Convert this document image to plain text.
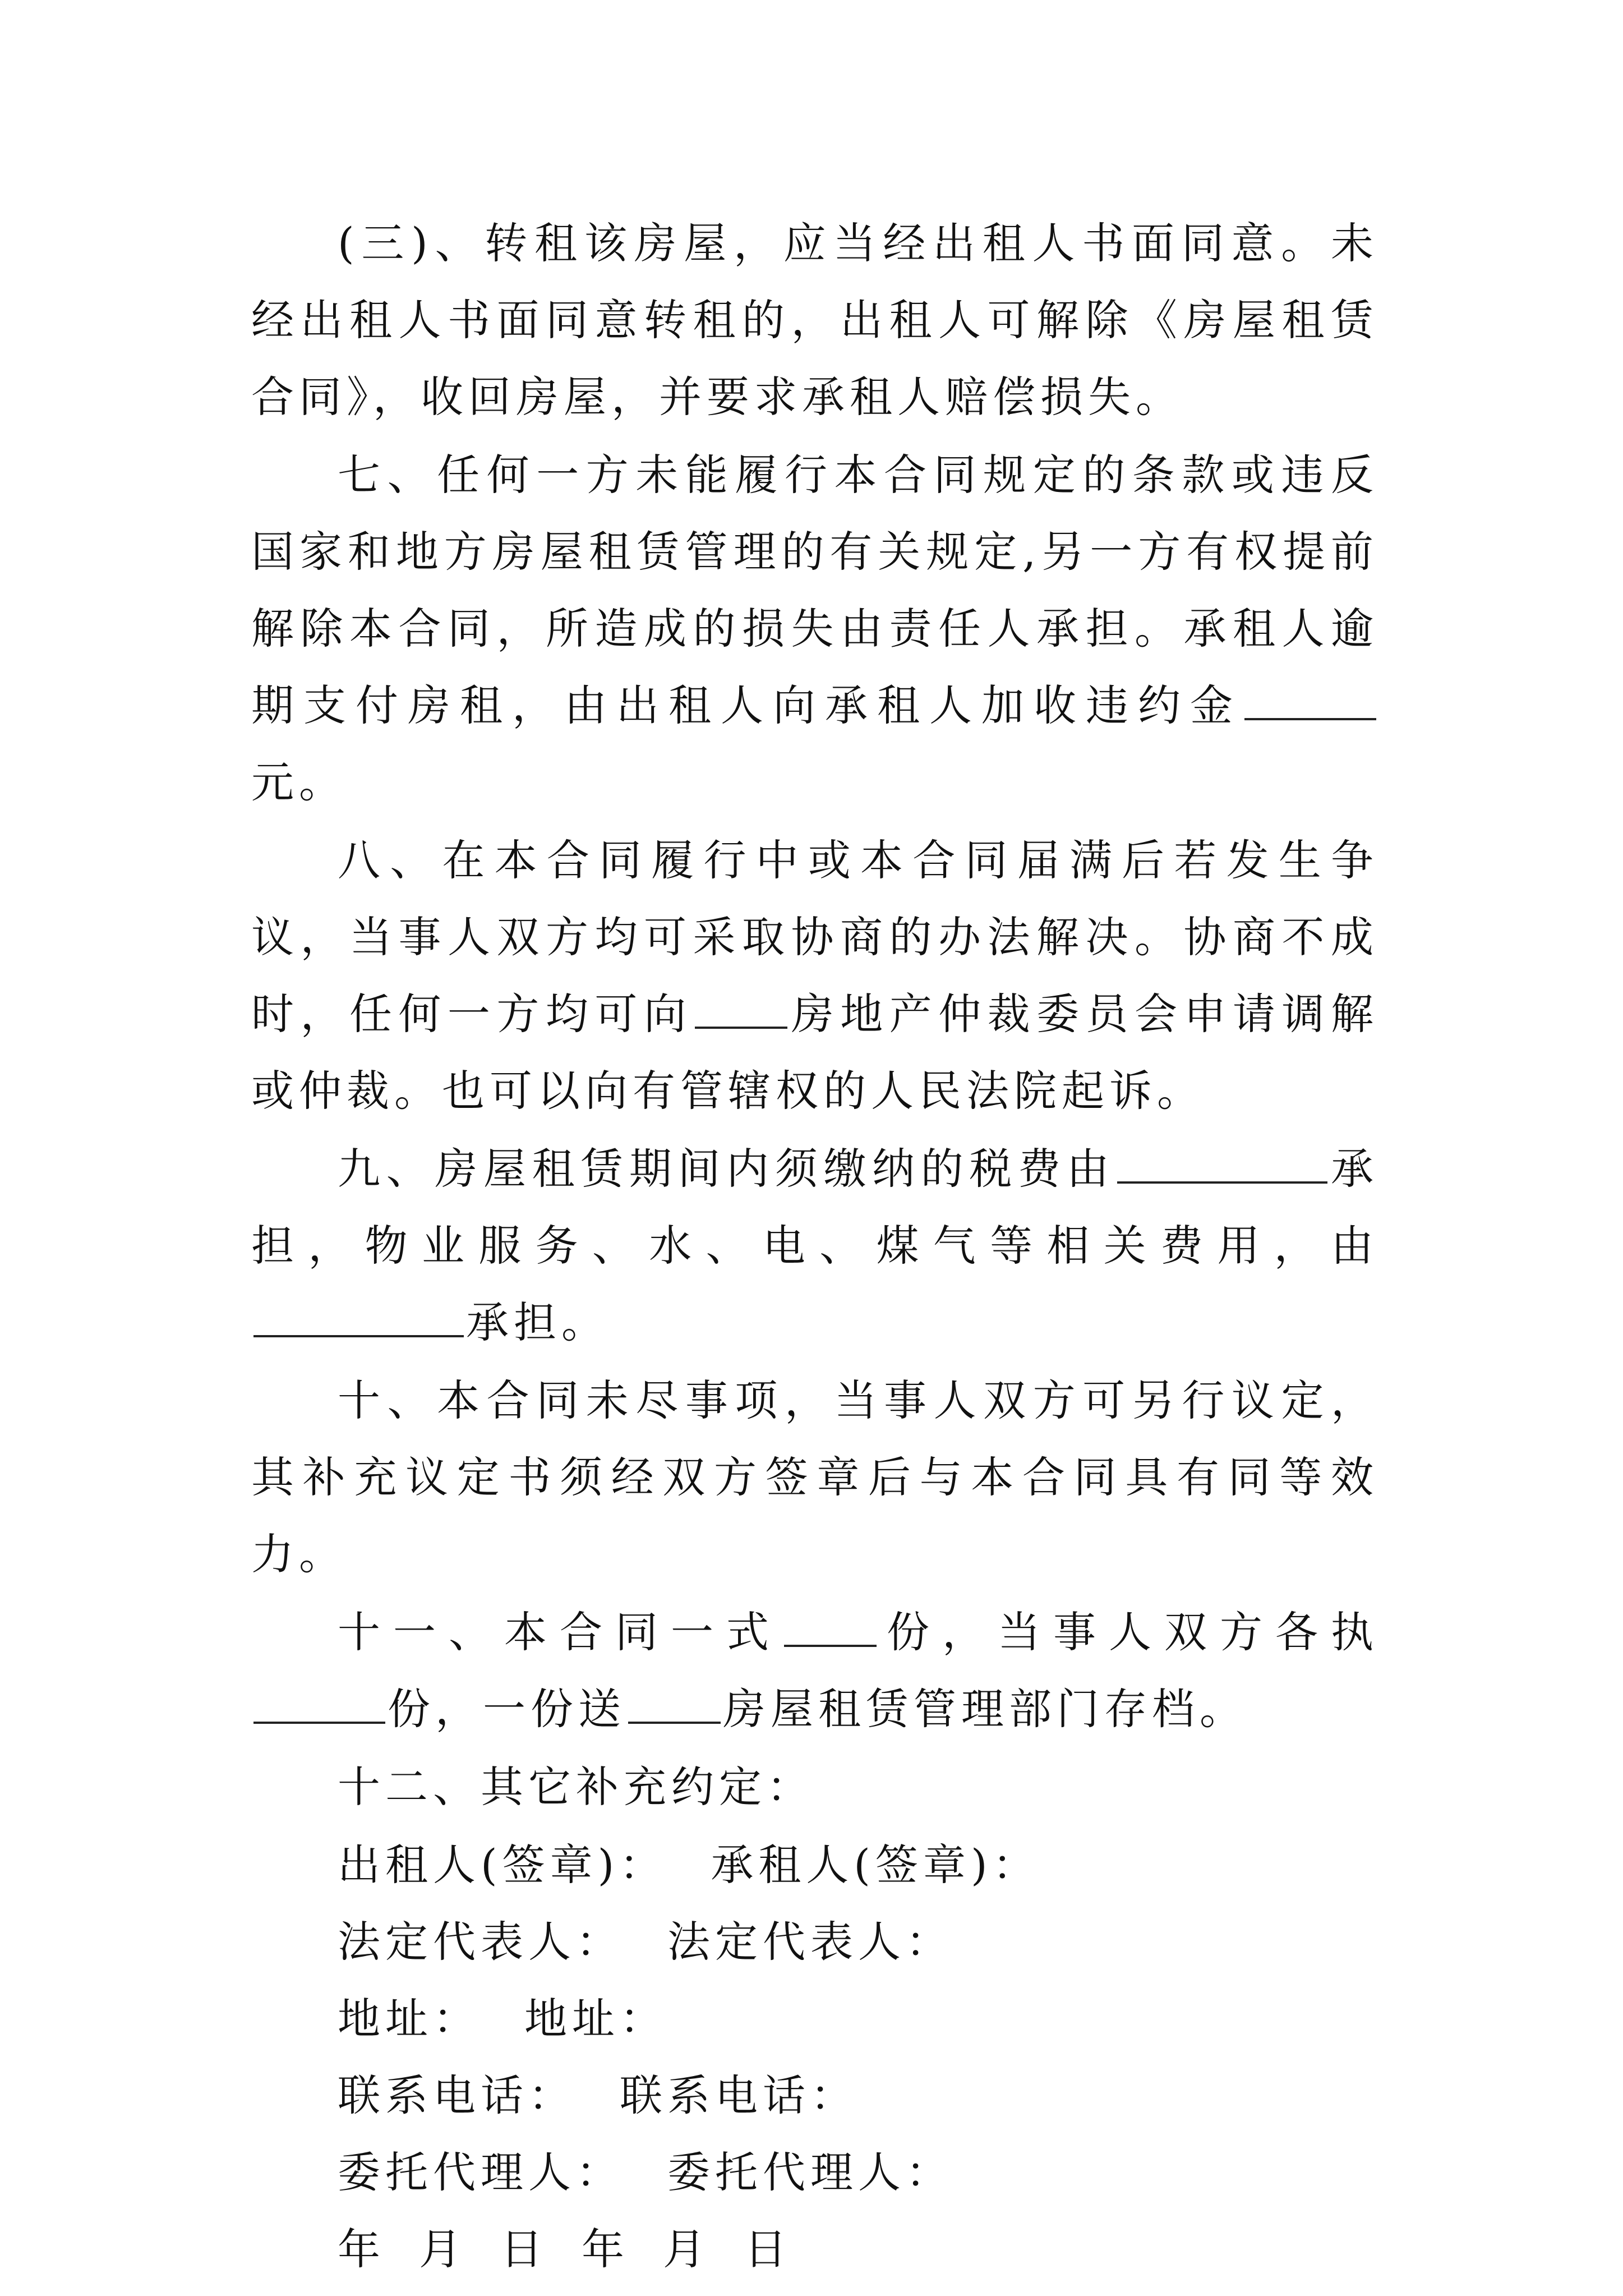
(三)、转租该房屋，应当经出租人书面同意。未经出租人书面同意转租的，出租人可解除《房屋租赁合同》，收回房屋，并要求承租人赔偿损失。

七、任何一方未能履行本合同规定的条款或违反国家和地方房屋租赁管理的有关规定,另一方有权提前解除本合同，所造成的损失由责任人承担。承租人逾期支付房租，由出租人向承租人加收违约金元。

八、在本合同履行中或本合同届满后若发生争议，当事人双方均可采取协商的办法解决。协商不成时，任何一方均可向 房地产仲裁委员会申请调解或仲裁。也可以向有管辖权的人民法院起诉。

九、房屋租赁期间内须缴纳的税费由	承担，物业服务、水、电、煤气等相关费用，由承担。

十、本合同未尽事项，当事人双方可另行议定，其补充议定书须经双方签章后与本合同具有同等效力。

十一、本合同一式 份，当事人双方各执份，一份送 房屋租赁管理部门存档。

十二、其它补充约定：

出租人(签章)： 承租人(签章)：

法定代表人： 法定代表人：

地址： 地址：

联系电话： 联系电话：

委托代理人： 委托代理人：

年 月 日 年 月 日
